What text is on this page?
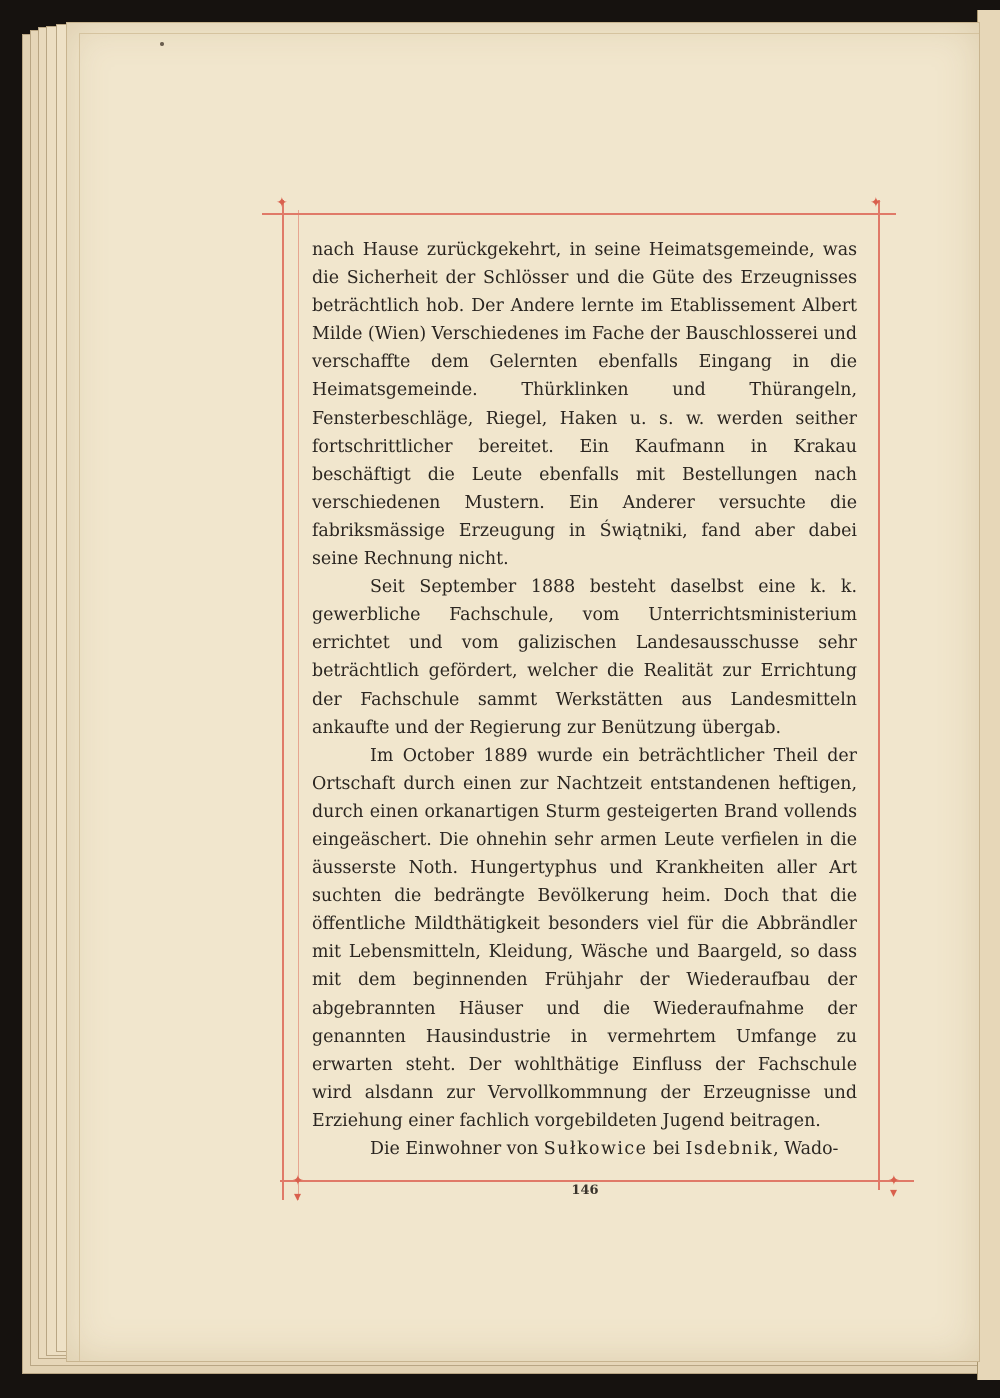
✦	✦
✦	✦
▾	▾

nach Hause zurückgekehrt, in seine Heimatsgemeinde, was die Sicherheit der Schlösser und die Güte des Erzeugnisses beträchtlich hob. Der Andere lernte im Etablissement Albert Milde (Wien) Verschiedenes im Fache der Bauschlosserei und verschaffte dem Gelernten ebenfalls Eingang in die Heimatsgemeinde. Thürklinken und Thürangeln, Fensterbeschläge, Riegel, Haken u. s. w. werden seither fortschrittlicher bereitet. Ein Kaufmann in Krakau beschäftigt die Leute ebenfalls mit Bestellungen nach verschiedenen Mustern. Ein Anderer versuchte die fabriksmässige Erzeugung in Świątniki, fand aber dabei seine Rechnung nicht.

Seit September 1888 besteht daselbst eine k. k. gewerbliche Fachschule, vom Unterrichtsministerium errichtet und vom galizischen Landesausschusse sehr beträchtlich gefördert, welcher die Realität zur Errichtung der Fachschule sammt Werkstätten aus Landesmitteln ankaufte und der Regierung zur Benützung übergab.

Im October 1889 wurde ein beträchtlicher Theil der Ortschaft durch einen zur Nachtzeit entstandenen heftigen, durch einen orkanartigen Sturm gesteigerten Brand vollends eingeäschert. Die ohnehin sehr armen Leute verfielen in die äusserste Noth. Hungertyphus und Krankheiten aller Art suchten die bedrängte Bevölkerung heim. Doch that die öffentliche Mildthätigkeit besonders viel für die Abbrändler mit Lebensmitteln, Kleidung, Wäsche und Baargeld, so dass mit dem beginnenden Frühjahr der Wiederaufbau der abgebrannten Häuser und die Wiederaufnahme der genannten Hausindustrie in vermehrtem Umfange zu erwarten steht. Der wohlthätige Einfluss der Fachschule wird alsdann zur Vervollkommnung der Erzeugnisse und Erziehung einer fachlich vorgebildeten Jugend beitragen.

Die Einwohner von Sułkowice bei Isdebnik, Wado-

146
